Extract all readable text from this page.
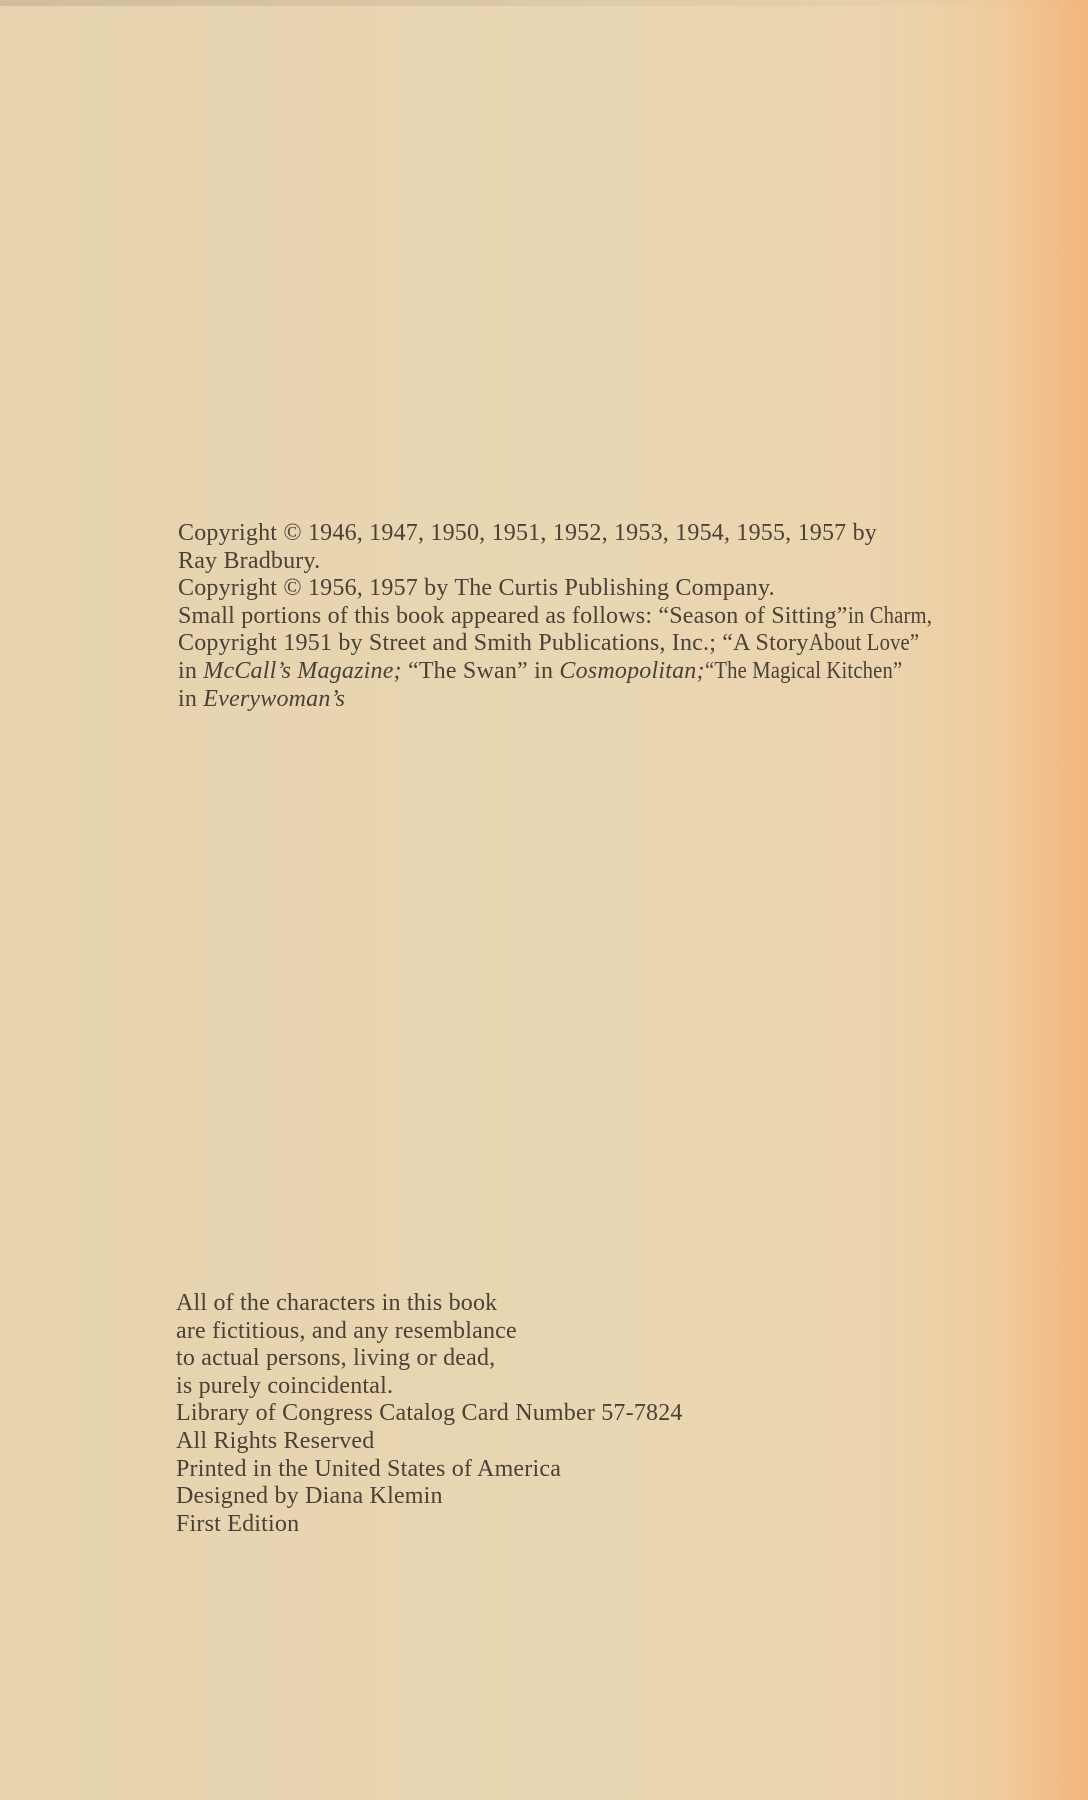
Copyright © 1946, 1947, 1950, 1951, 1952, 1953, 1954, 1955, 1957 by
Ray Bradbury.
Copyright © 1956, 1957 by The Curtis Publishing Company.
Small portions of this book appeared as follows: “Season of Sitting”in Charm,
Copyright 1951 by Street and Smith Publications, Inc.; “A StoryAbout Love”
in McCall’s Magazine; “The Swan” in Cosmopolitan;“The Magical Kitchen”
in Everywoman’s
All of the characters in this book
are fictitious, and any resemblance
to actual persons, living or dead,
is purely coincidental.
Library of Congress Catalog Card Number 57-7824
All Rights Reserved
Printed in the United States of America
Designed by Diana Klemin
First Edition
